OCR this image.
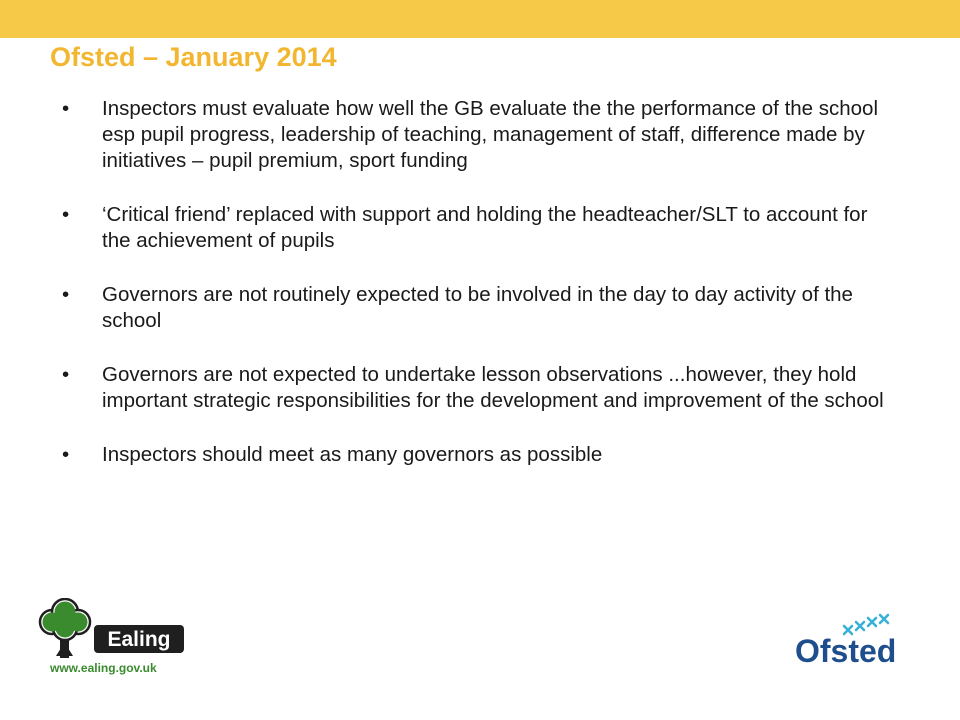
Ofsted – January 2014
• Inspectors must evaluate how well the GB evaluate the the performance of the school esp pupil progress, leadership of teaching, management of staff, difference made by initiatives – pupil premium, sport funding
• ‘Critical friend’ replaced with support and holding the headteacher/SLT to account for the achievement of pupils
• Governors are not routinely expected to be involved in the day to day activity of the school
• Governors are not expected to undertake lesson observations ...however, they hold important strategic responsibilities for the development and improvement of the school
• Inspectors should meet as many governors as possible
Ealing
www.ealing.gov.uk	Ofsted
